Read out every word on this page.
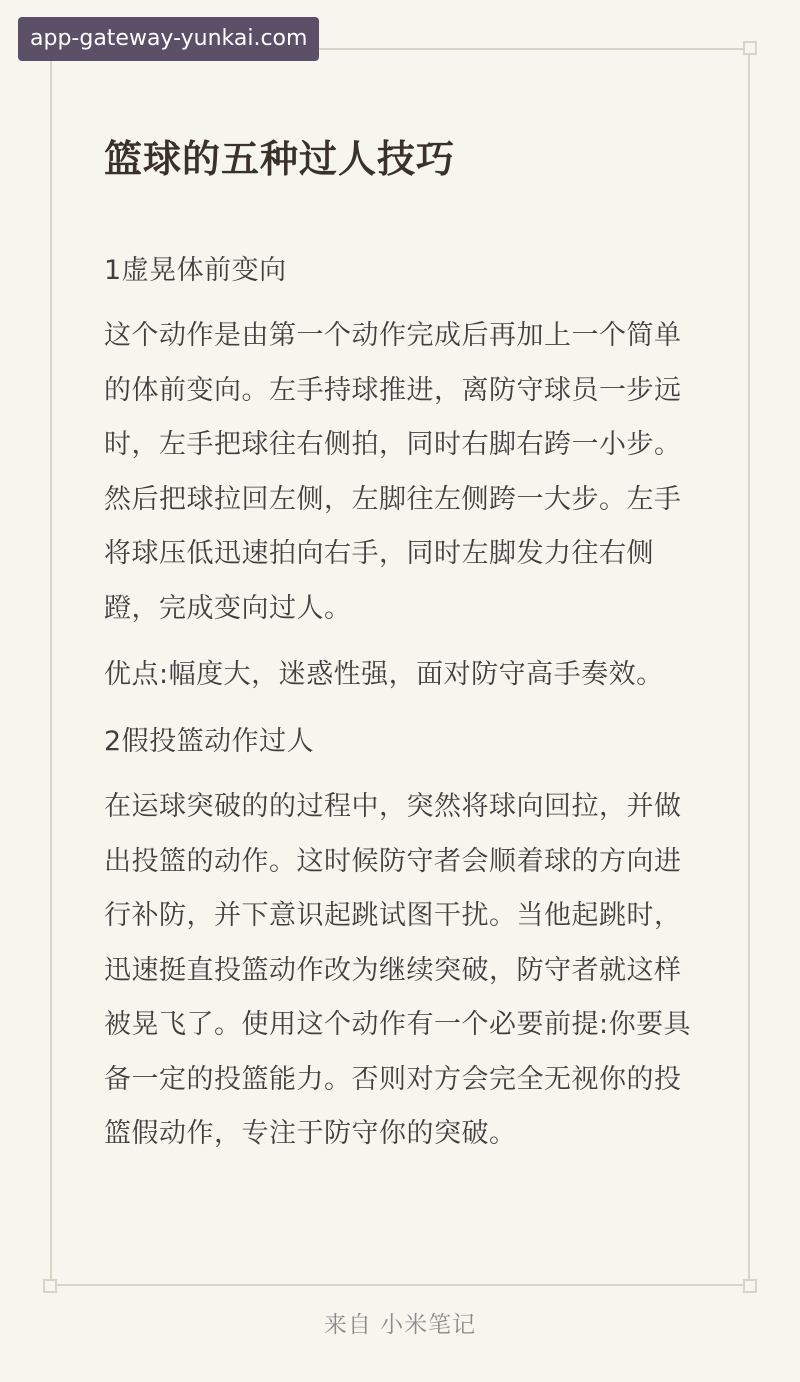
app-gateway-yunkai.com
篮球的五种过人技巧

1虚晃体前变向

这个动作是由第一个动作完成后再加上一个简单的体前变向。左手持球推进，离防守球员一步远时，左手把球往右侧拍，同时右脚右跨一小步。然后把球拉回左侧，左脚往左侧跨一大步。左手将球压低迅速拍向右手，同时左脚发力往右侧蹬，完成变向过人。

优点:幅度大，迷惑性强，面对防守高手奏效。

2假投篮动作过人

在运球突破的的过程中，突然将球向回拉，并做出投篮的动作。这时候防守者会顺着球的方向进行补防，并下意识起跳试图干扰。当他起跳时，迅速挺直投篮动作改为继续突破，防守者就这样被晃飞了。使用这个动作有一个必要前提:你要具备一定的投篮能力。否则对方会完全无视你的投篮假动作，专注于防守你的突破。

来自 小米笔记
